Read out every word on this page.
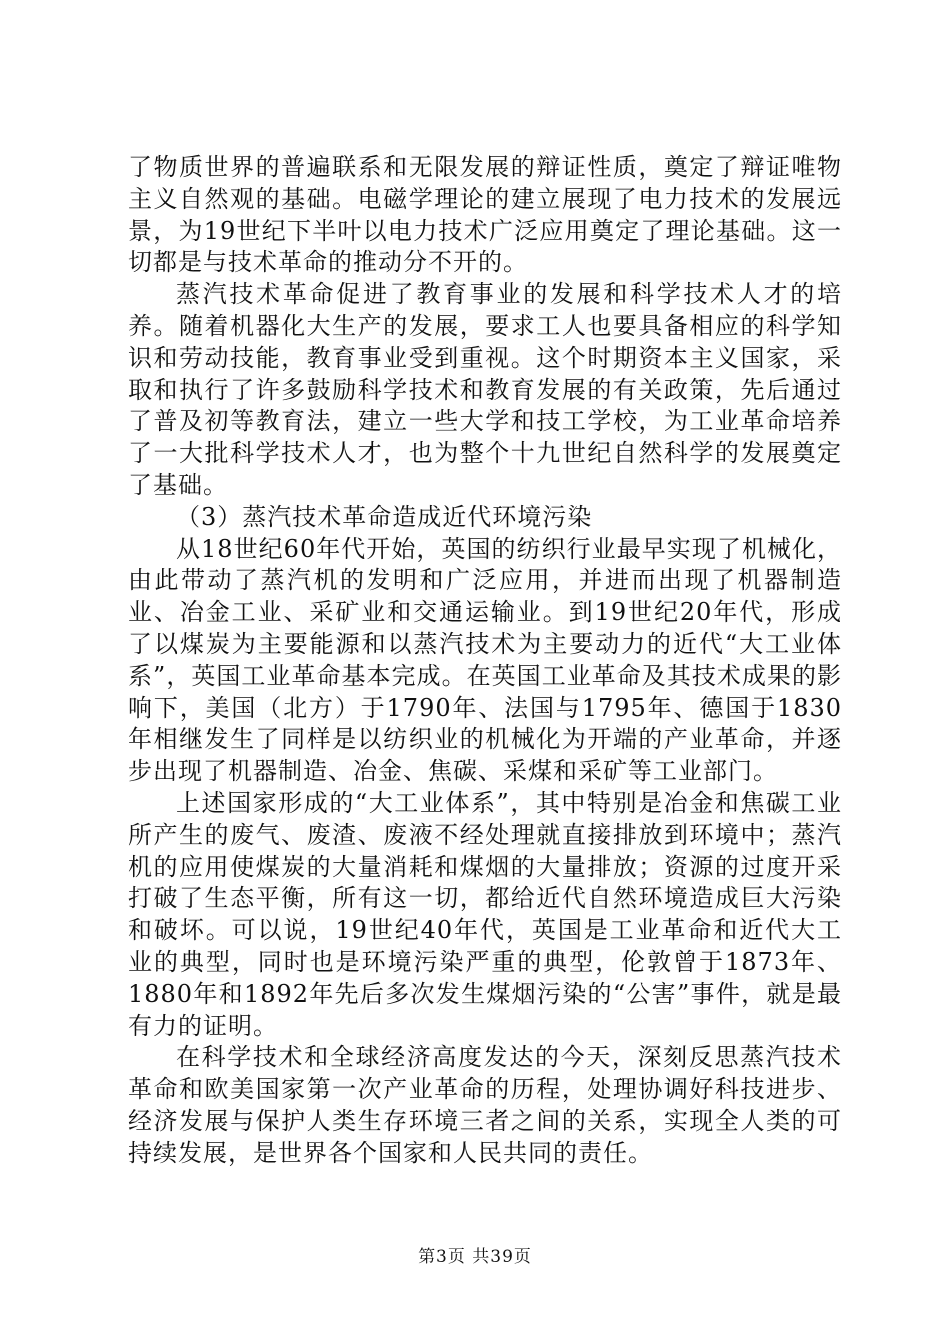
了物质世界的普遍联系和无限发展的辩证性质，奠定了辩证唯物主义自然观的基础。电磁学理论的建立展现了电力技术的发展远景，为19世纪下半叶以电力技术广泛应用奠定了理论基础。这一切都是与技术革命的推动分不开的。

蒸汽技术革命促进了教育事业的发展和科学技术人才的培养。随着机器化大生产的发展，要求工人也要具备相应的科学知识和劳动技能，教育事业受到重视。这个时期资本主义国家，采取和执行了许多鼓励科学技术和教育发展的有关政策，先后通过了普及初等教育法，建立一些大学和技工学校，为工业革命培养了一大批科学技术人才，也为整个十九世纪自然科学的发展奠定了基础。

（3）蒸汽技术革命造成近代环境污染

从18世纪60年代开始，英国的纺织行业最早实现了机械化，由此带动了蒸汽机的发明和广泛应用，并进而出现了机器制造业、冶金工业、采矿业和交通运输业。到19世纪20年代，形成了以煤炭为主要能源和以蒸汽技术为主要动力的近代“大工业体系”，英国工业革命基本完成。在英国工业革命及其技术成果的影响下，美国（北方）于1790年、法国与1795年、德国于1830年相继发生了同样是以纺织业的机械化为开端的产业革命，并逐步出现了机器制造、冶金、焦碳、采煤和采矿等工业部门。

上述国家形成的“大工业体系”，其中特别是冶金和焦碳工业所产生的废气、废渣、废液不经处理就直接排放到环境中；蒸汽机的应用使煤炭的大量消耗和煤烟的大量排放；资源的过度开采打破了生态平衡，所有这一切，都给近代自然环境造成巨大污染和破坏。可以说，19世纪40年代，英国是工业革命和近代大工业的典型，同时也是环境污染严重的典型，伦敦曾于1873年、1880年和1892年先后多次发生煤烟污染的“公害”事件，就是最有力的证明。

在科学技术和全球经济高度发达的今天，深刻反思蒸汽技术革命和欧美国家第一次产业革命的历程，处理协调好科技进步、经济发展与保护人类生存环境三者之间的关系，实现全人类的可持续发展，是世界各个国家和人民共同的责任。

第3页 共39页
